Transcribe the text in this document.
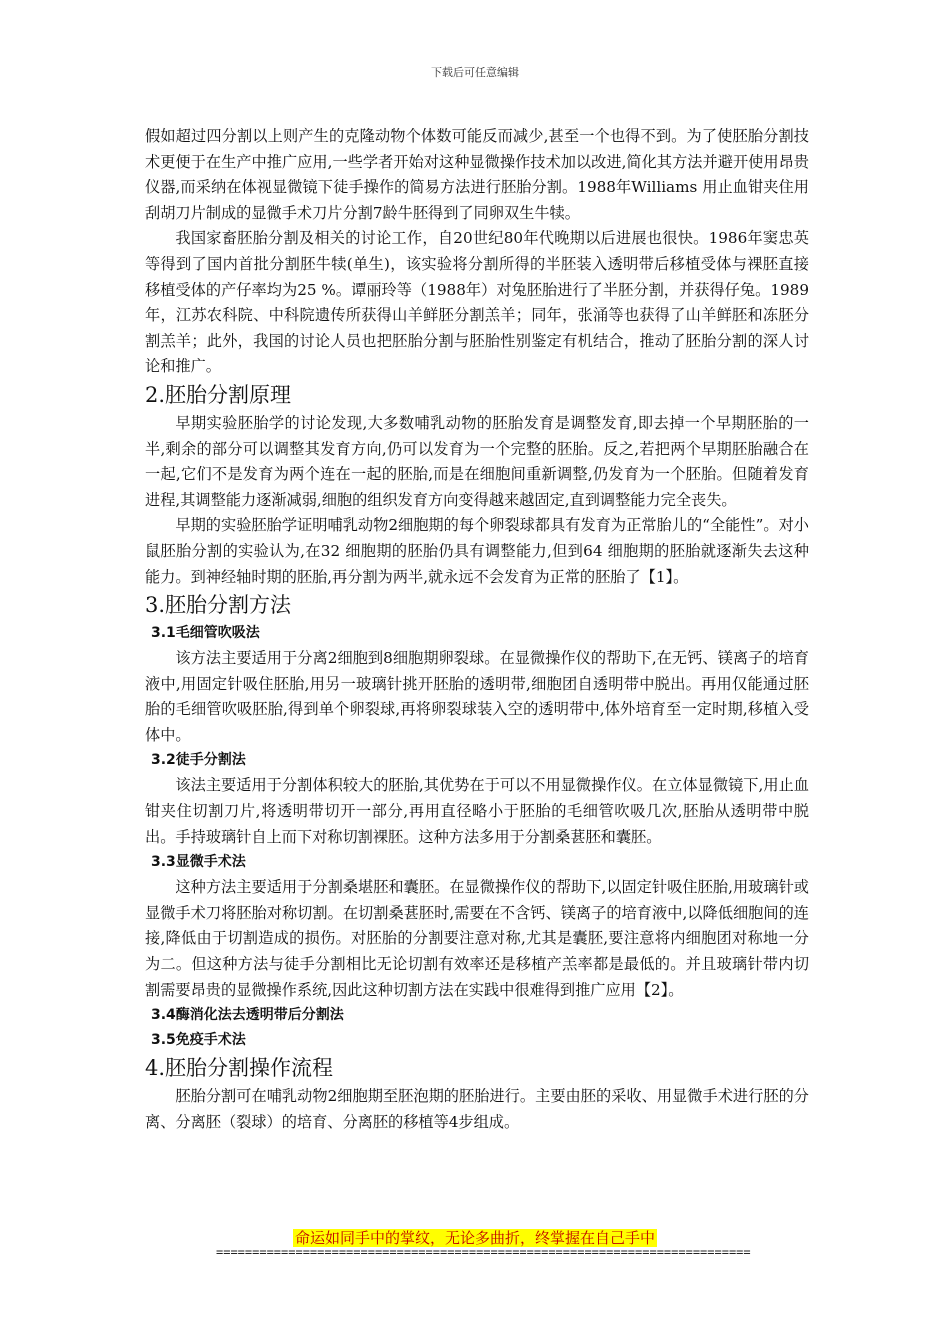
下载后可任意编辑

假如超过四分割以上则产生的克隆动物个体数可能反而减少,甚至一个也得不到。为了使胚胎分割技术更便于在生产中推广应用,一些学者开始对这种显微操作技术加以改进,简化其方法并避开使用昂贵仪器,而采纳在体视显微镜下徒手操作的简易方法进行胚胎分割。1988年Williams 用止血钳夹住用刮胡刀片制成的显微手术刀片分割7龄牛胚得到了同卵双生牛犊。

我国家畜胚胎分割及相关的讨论工作，自20世纪80年代晚期以后进展也很快。1986年窦忠英等得到了国内首批分割胚牛犊(单生)，该实验将分割所得的半胚装入透明带后移植受体与裸胚直接移植受体的产仔率均为25 %。谭丽玲等（1988年）对兔胚胎进行了半胚分割，并获得仔兔。1989年，江苏农科院、中科院遗传所获得山羊鲜胚分割羔羊；同年，张涌等也获得了山羊鲜胚和冻胚分割羔羊；此外，我国的讨论人员也把胚胎分割与胚胎性别鉴定有机结合，推动了胚胎分割的深人讨论和推广。

2.胚胎分割原理

早期实验胚胎学的讨论发现,大多数哺乳动物的胚胎发育是调整发育,即去掉一个早期胚胎的一半,剩余的部分可以调整其发育方向,仍可以发育为一个完整的胚胎。反之,若把两个早期胚胎融合在一起,它们不是发育为两个连在一起的胚胎,而是在细胞间重新调整,仍发育为一个胚胎。但随着发育进程,其调整能力逐渐减弱,细胞的组织发育方向变得越来越固定,直到调整能力完全丧失。

早期的实验胚胎学证明哺乳动物2细胞期的每个卵裂球都具有发育为正常胎儿的“全能性”。对小鼠胚胎分割的实验认为,在32 细胞期的胚胎仍具有调整能力,但到64 细胞期的胚胎就逐渐失去这种能力。到神经轴时期的胚胎,再分割为两半,就永远不会发育为正常的胚胎了【1】。

3.胚胎分割方法
3.1毛细管吹吸法

该方法主要适用于分离2细胞到8细胞期卵裂球。在显微操作仪的帮助下,在无钙、镁离子的培育液中,用固定针吸住胚胎,用另一玻璃针挑开胚胎的透明带,细胞团自透明带中脱出。再用仅能通过胚胎的毛细管吹吸胚胎,得到单个卵裂球,再将卵裂球装入空的透明带中,体外培育至一定时期,移植入受体中。

3.2徒手分割法

该法主要适用于分割体积较大的胚胎,其优势在于可以不用显微操作仪。在立体显微镜下,用止血钳夹住切割刀片,将透明带切开一部分,再用直径略小于胚胎的毛细管吹吸几次,胚胎从透明带中脱出。手持玻璃针自上而下对称切割裸胚。这种方法多用于分割桑葚胚和囊胚。

3.3显微手术法

这种方法主要适用于分割桑堪胚和囊胚。在显微操作仪的帮助下,以固定针吸住胚胎,用玻璃针或显微手术刀将胚胎对称切割。在切割桑葚胚时,需要在不含钙、镁离子的培育液中,以降低细胞间的连接,降低由于切割造成的损伤。对胚胎的分割要注意对称,尤其是囊胚,要注意将内细胞团对称地一分为二。但这种方法与徒手分割相比无论切割有效率还是移植产羔率都是最低的。并且玻璃针带内切割需要昂贵的显微操作系统,因此这种切割方法在实践中很难得到推广应用【2】。

3.4酶消化法去透明带后分割法
3.5免疫手术法
4.胚胎分割操作流程

胚胎分割可在哺乳动物2细胞期至胚泡期的胚胎进行。主要由胚的采收、用显微手术进行胚的分离、分离胚（裂球）的培育、分离胚的移植等4步组成。

命运如同手中的掌纹，无论多曲折，终掌握在自己手中
==========================================================================
